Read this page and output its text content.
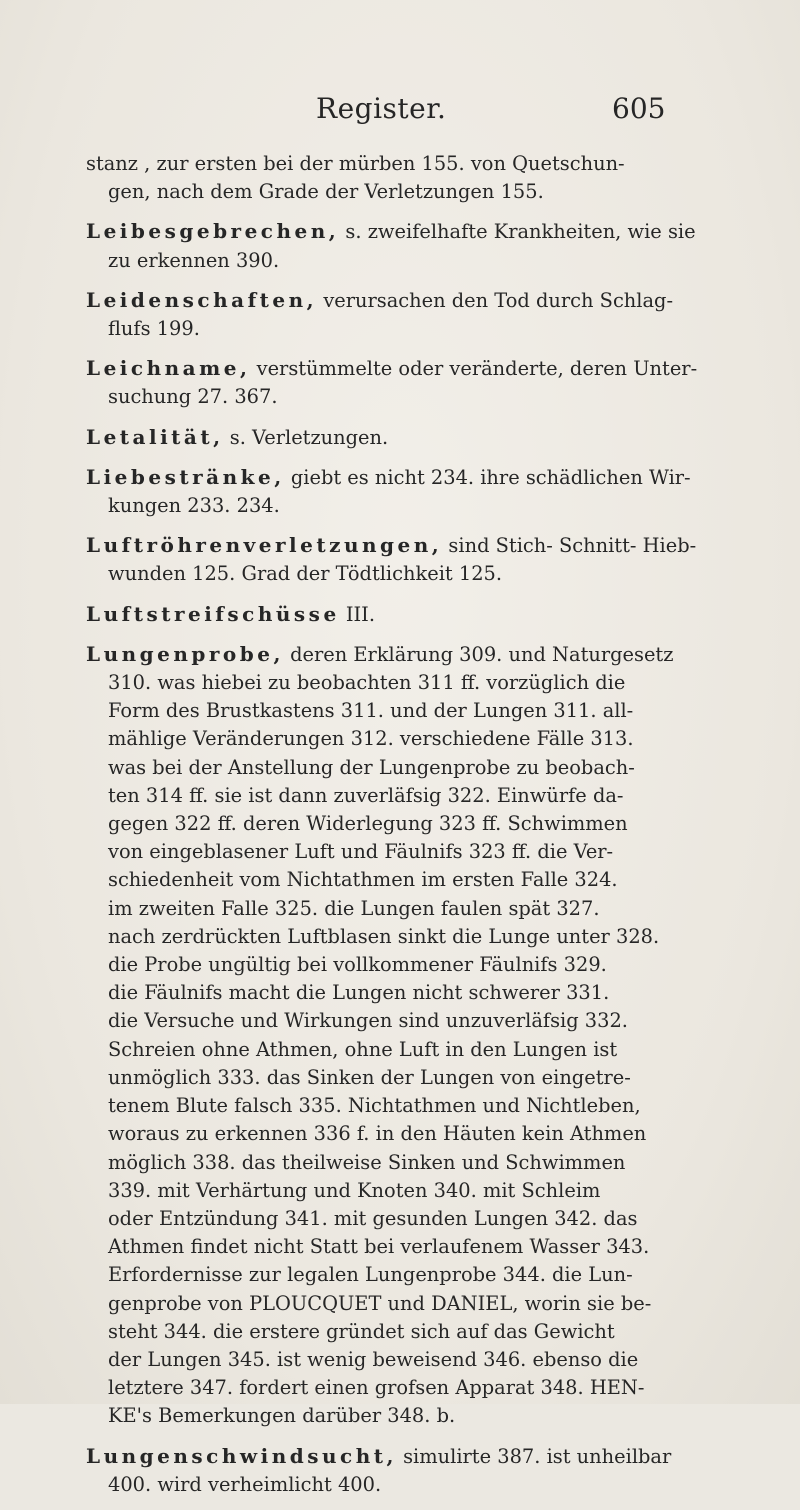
Register.	605
stanz , zur ersten bei der mürben 155. von Quetschun-
gen, nach dem Grade der Verletzungen 155.
Leibesgebrechen, s. zweifelhafte Krankheiten, wie sie
zu erkennen 390.
Leidenschaften, verursachen den Tod durch Schlag-
flufs 199.
Leichname, verstümmelte oder veränderte, deren Unter-
suchung 27. 367.
Letalität, s. Verletzungen.
Liebestränke, giebt es nicht 234. ihre schädlichen Wir-
kungen 233. 234.
Luftröhrenverletzungen, sind Stich- Schnitt- Hieb-
wunden 125. Grad der Tödtlichkeit 125.
Luftstreifschüsse III.
Lungenprobe, deren Erklärung 309. und Naturgesetz
310. was hiebei zu beobachten 311 ff. vorzüglich die
Form des Brustkastens 311. und der Lungen 311. all-
mählige Veränderungen 312. verschiedene Fälle 313.
was bei der Anstellung der Lungenprobe zu beobach-
ten 314 ff. sie ist dann zuverläfsig 322. Einwürfe da-
gegen 322 ff. deren Widerlegung 323 ff. Schwimmen
von eingeblasener Luft und Fäulnifs 323 ff. die Ver-
schiedenheit vom Nichtathmen im ersten Falle 324.
im zweiten Falle 325. die Lungen faulen spät 327.
nach zerdrückten Luftblasen sinkt die Lunge unter 328.
die Probe ungültig bei vollkommener Fäulnifs 329.
die Fäulnifs macht die Lungen nicht schwerer 331.
die Versuche und Wirkungen sind unzuverläfsig 332.
Schreien ohne Athmen, ohne Luft in den Lungen ist
unmöglich 333. das Sinken der Lungen von eingetre-
tenem Blute falsch 335. Nichtathmen und Nichtleben,
woraus zu erkennen 336 f. in den Häuten kein Athmen
möglich 338. das theilweise Sinken und Schwimmen
339. mit Verhärtung und Knoten 340. mit Schleim
oder Entzündung 341. mit gesunden Lungen 342. das
Athmen findet nicht Statt bei verlaufenem Wasser 343.
Erfordernisse zur legalen Lungenprobe 344. die Lun-
genprobe von PLOUCQUET und DANIEL, worin sie be-
steht 344. die erstere gründet sich auf das Gewicht
der Lungen 345. ist wenig beweisend 346. ebenso die
letztere 347. fordert einen grofsen Apparat 348. HEN-
KE's Bemerkungen darüber 348. b.
Lungenschwindsucht, simulirte 387. ist unheilbar
400. wird verheimlicht 400.
